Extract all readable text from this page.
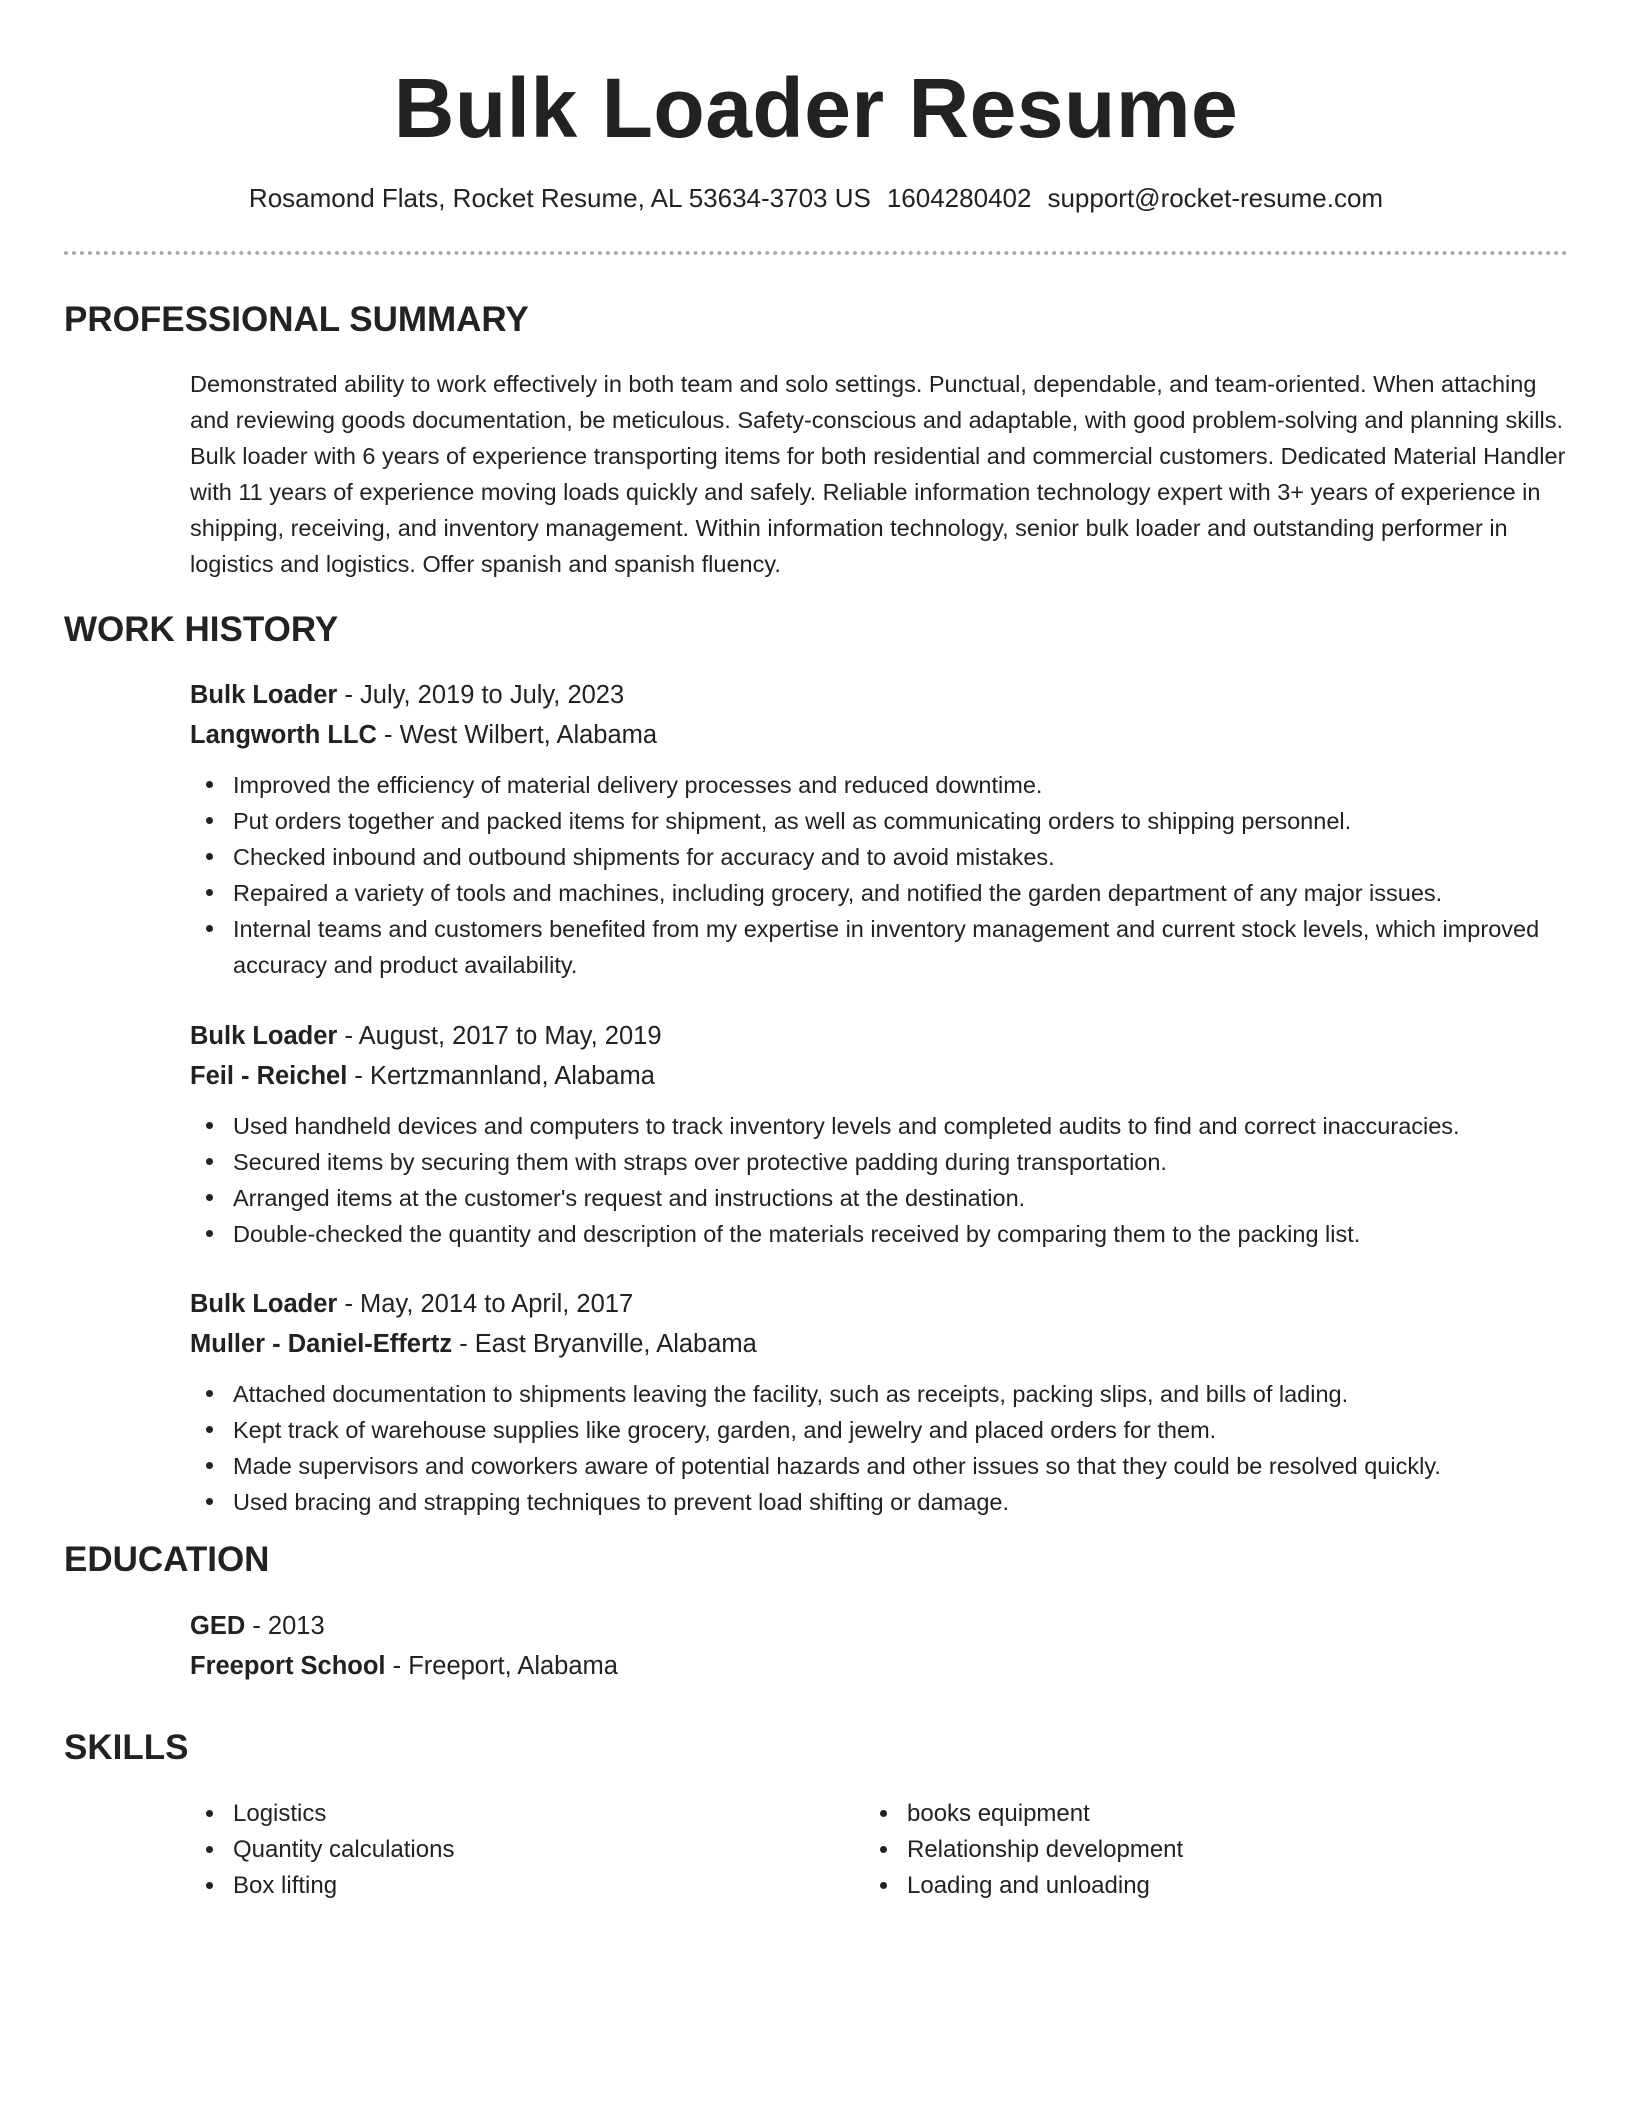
Bulk Loader Resume
Rosamond Flats, Rocket Resume, AL 53634-3703 US 1604280402 support@rocket-resume.com
PROFESSIONAL SUMMARY

Demonstrated ability to work effectively in both team and solo settings. Punctual, dependable, and team-oriented. When attaching and reviewing goods documentation, be meticulous. Safety-conscious and adaptable, with good problem-solving and planning skills. Bulk loader with 6 years of experience transporting items for both residential and commercial customers. Dedicated Material Handler with 11 years of experience moving loads quickly and safely. Reliable information technology expert with 3+ years of experience in shipping, receiving, and inventory management. Within information technology, senior bulk loader and outstanding performer in logistics and logistics. Offer spanish and spanish fluency.

WORK HISTORY
Bulk Loader - July, 2019 to July, 2023
Langworth LLC - West Wilbert, Alabama
Improved the efficiency of material delivery processes and reduced downtime.
Put orders together and packed items for shipment, as well as communicating orders to shipping personnel.
Checked inbound and outbound shipments for accuracy and to avoid mistakes.
Repaired a variety of tools and machines, including grocery, and notified the garden department of any major issues.
Internal teams and customers benefited from my expertise in inventory management and current stock levels, which improved accuracy and product availability.
Bulk Loader - August, 2017 to May, 2019
Feil - Reichel - Kertzmannland, Alabama
Used handheld devices and computers to track inventory levels and completed audits to find and correct inaccuracies.
Secured items by securing them with straps over protective padding during transportation.
Arranged items at the customer's request and instructions at the destination.
Double-checked the quantity and description of the materials received by comparing them to the packing list.
Bulk Loader - May, 2014 to April, 2017
Muller - Daniel-Effertz - East Bryanville, Alabama
Attached documentation to shipments leaving the facility, such as receipts, packing slips, and bills of lading.
Kept track of warehouse supplies like grocery, garden, and jewelry and placed orders for them.
Made supervisors and coworkers aware of potential hazards and other issues so that they could be resolved quickly.
Used bracing and strapping techniques to prevent load shifting or damage.
EDUCATION
GED - 2013
Freeport School - Freeport, Alabama
SKILLS
Logistics
Quantity calculations
Box lifting
books equipment
Relationship development
Loading and unloading
